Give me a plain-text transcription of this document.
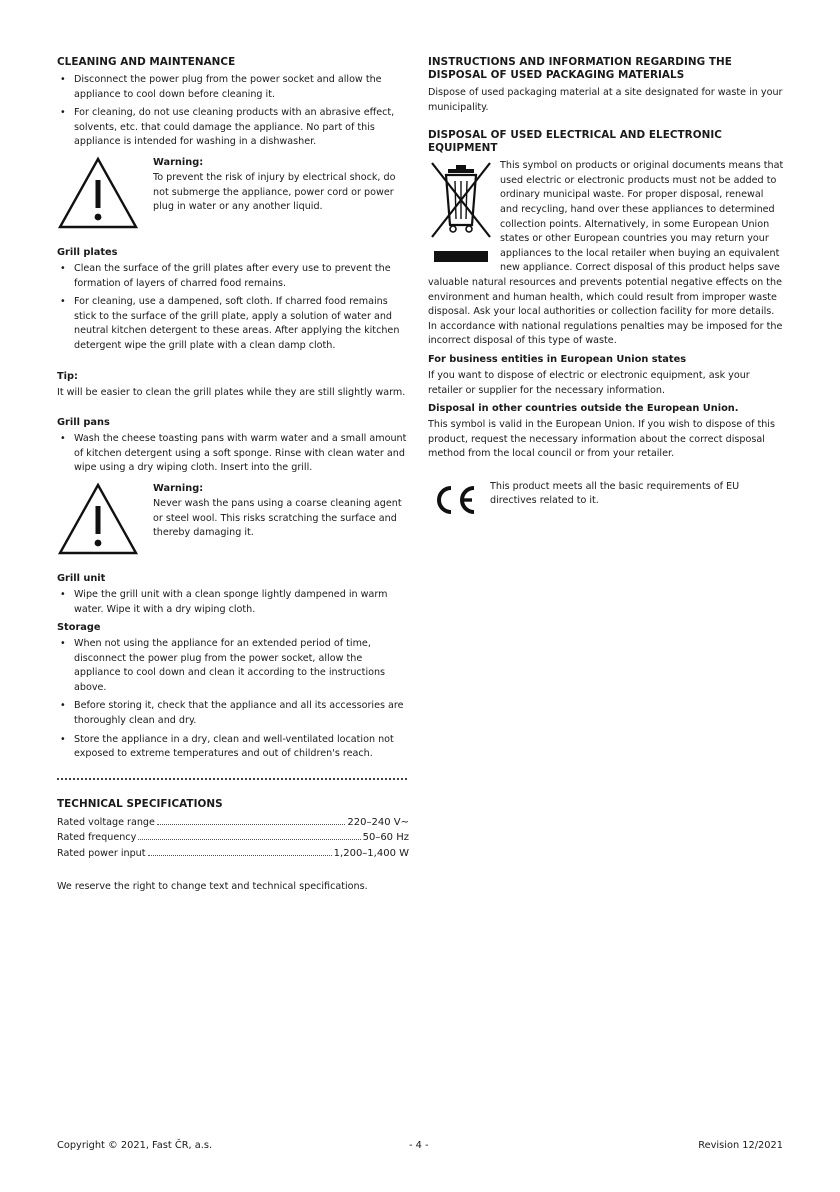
CLEANING AND MAINTENANCE
• Disconnect the power plug from the power socket and allow the appliance to cool down before cleaning it.
• For cleaning, do not use cleaning products with an abrasive effect, solvents, etc. that could damage the appliance. No part of this appliance is intended for washing in a dishwasher.
Warning:

To prevent the risk of injury by electrical shock, do not submerge the appliance, power cord or power plug in water or any another liquid.

Grill plates
• Clean the surface of the grill plates after every use to prevent the formation of layers of charred food remains.
• For cleaning, use a dampened, soft cloth. If charred food remains stick to the surface of the grill plate, apply a solution of water and neutral kitchen detergent to these areas. After applying the kitchen detergent wipe the grill plate with a clean damp cloth.
Tip:

It will be easier to clean the grill plates while they are still slightly warm.

Grill pans
• Wash the cheese toasting pans with warm water and a small amount of kitchen detergent using a soft sponge. Rinse with clean water and wipe using a dry wiping cloth. Insert into the grill.
Warning:

Never wash the pans using a coarse cleaning agent or steel wool. This risks scratching the surface and thereby damaging it.

Grill unit
• Wipe the grill unit with a clean sponge lightly dampened in warm water. Wipe it with a dry wiping cloth.
Storage
• When not using the appliance for an extended period of time, disconnect the power plug from the power socket, allow the appliance to cool down and clean it according to the instructions above.
• Before storing it, check that the appliance and all its accessories are thoroughly clean and dry.
• Store the appliance in a dry, clean and well-ventilated location not exposed to extreme temperatures and out of children's reach.
TECHNICAL SPECIFICATIONS
Rated voltage range	220–240 V~
Rated frequency	50–60 Hz
Rated power input	1,200–1,400 W

We reserve the right to change text and technical specifications.

INSTRUCTIONS AND INFORMATION REGARDING THE DISPOSAL OF USED PACKAGING MATERIALS

Dispose of used packaging material at a site designated for waste in your municipality.

DISPOSAL OF USED ELECTRICAL AND ELECTRONIC EQUIPMENT

This symbol on products or original documents means that used electric or electronic products must not be added to ordinary municipal waste. For proper disposal, renewal and recycling, hand over these appliances to determined collection points. Alternatively, in some European Union states or other European countries you may return your appliances to the local retailer when buying an equivalent new appliance. Correct disposal of this product helps save valuable natural resources and prevents potential negative effects on the environment and human health, which could result from improper waste disposal. Ask your local authorities or collection facility for more details. In accordance with national regulations penalties may be imposed for the incorrect disposal of this type of waste.

For business entities in European Union states

If you want to dispose of electric or electronic equipment, ask your retailer or supplier for the necessary information.

Disposal in other countries outside the European Union.

This symbol is valid in the European Union. If you wish to dispose of this product, request the necessary information about the correct disposal method from the local council or from your retailer.

This product meets all the basic requirements of EU directives related to it.

Copyright © 2021, Fast ČR, a.s.	- 4 -	Revision 12/2021
